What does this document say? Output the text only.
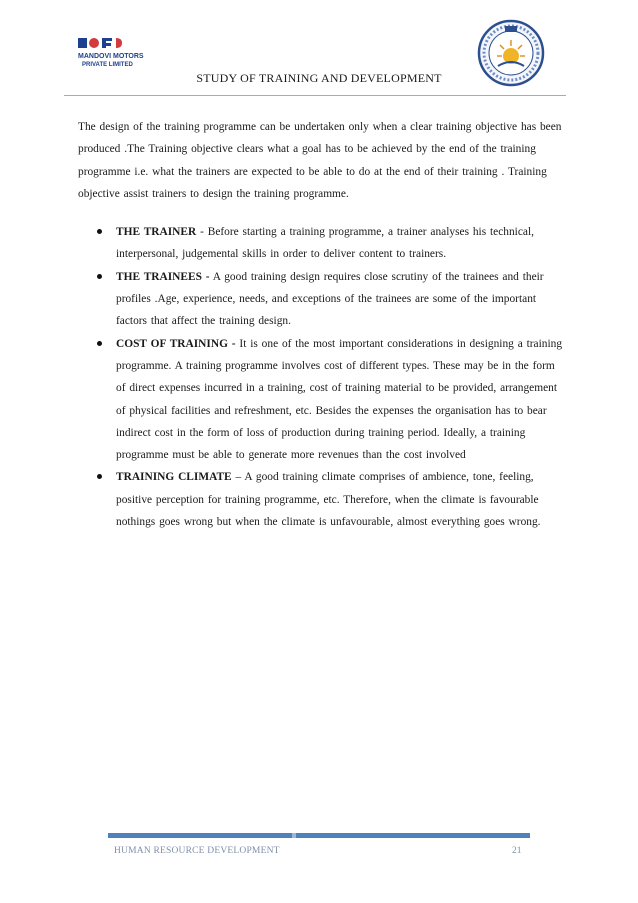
MANDOVI MOTORS
PRIVATE LIMITED
STUDY OF TRAINING AND DEVELOPMENT

The design of the training programme can be undertaken only when a clear training objective has been produced .The Training objective clears what a goal has to be achieved by the end of the training programme i.e. what the trainers are expected to be able to do at the end of their training . Training objective assist trainers to design the training programme.

THE TRAINER - Before starting a training programme, a trainer analyses his technical, interpersonal, judgemental skills in order to deliver content to trainers.
THE TRAINEES - A good training design requires close scrutiny of the trainees and their profiles .Age, experience, needs, and exceptions of the trainees are some of the important factors that affect the training design.
COST OF TRAINING - It is one of the most important considerations in designing a training programme. A training programme involves cost of different types. These may be in the form of direct expenses incurred in a training, cost of training material to be provided, arrangement of physical facilities and refreshment, etc. Besides the expenses the organisation has to bear indirect cost in the form of loss of production during training period. Ideally, a training programme must be able to generate more revenues than the cost involved
TRAINING CLIMATE – A good training climate comprises of ambience, tone, feeling, positive perception for training programme, etc. Therefore, when the climate is favourable nothings goes wrong but when the climate is unfavourable, almost everything goes wrong.
HUMAN RESOURCE DEVELOPMENT	21
